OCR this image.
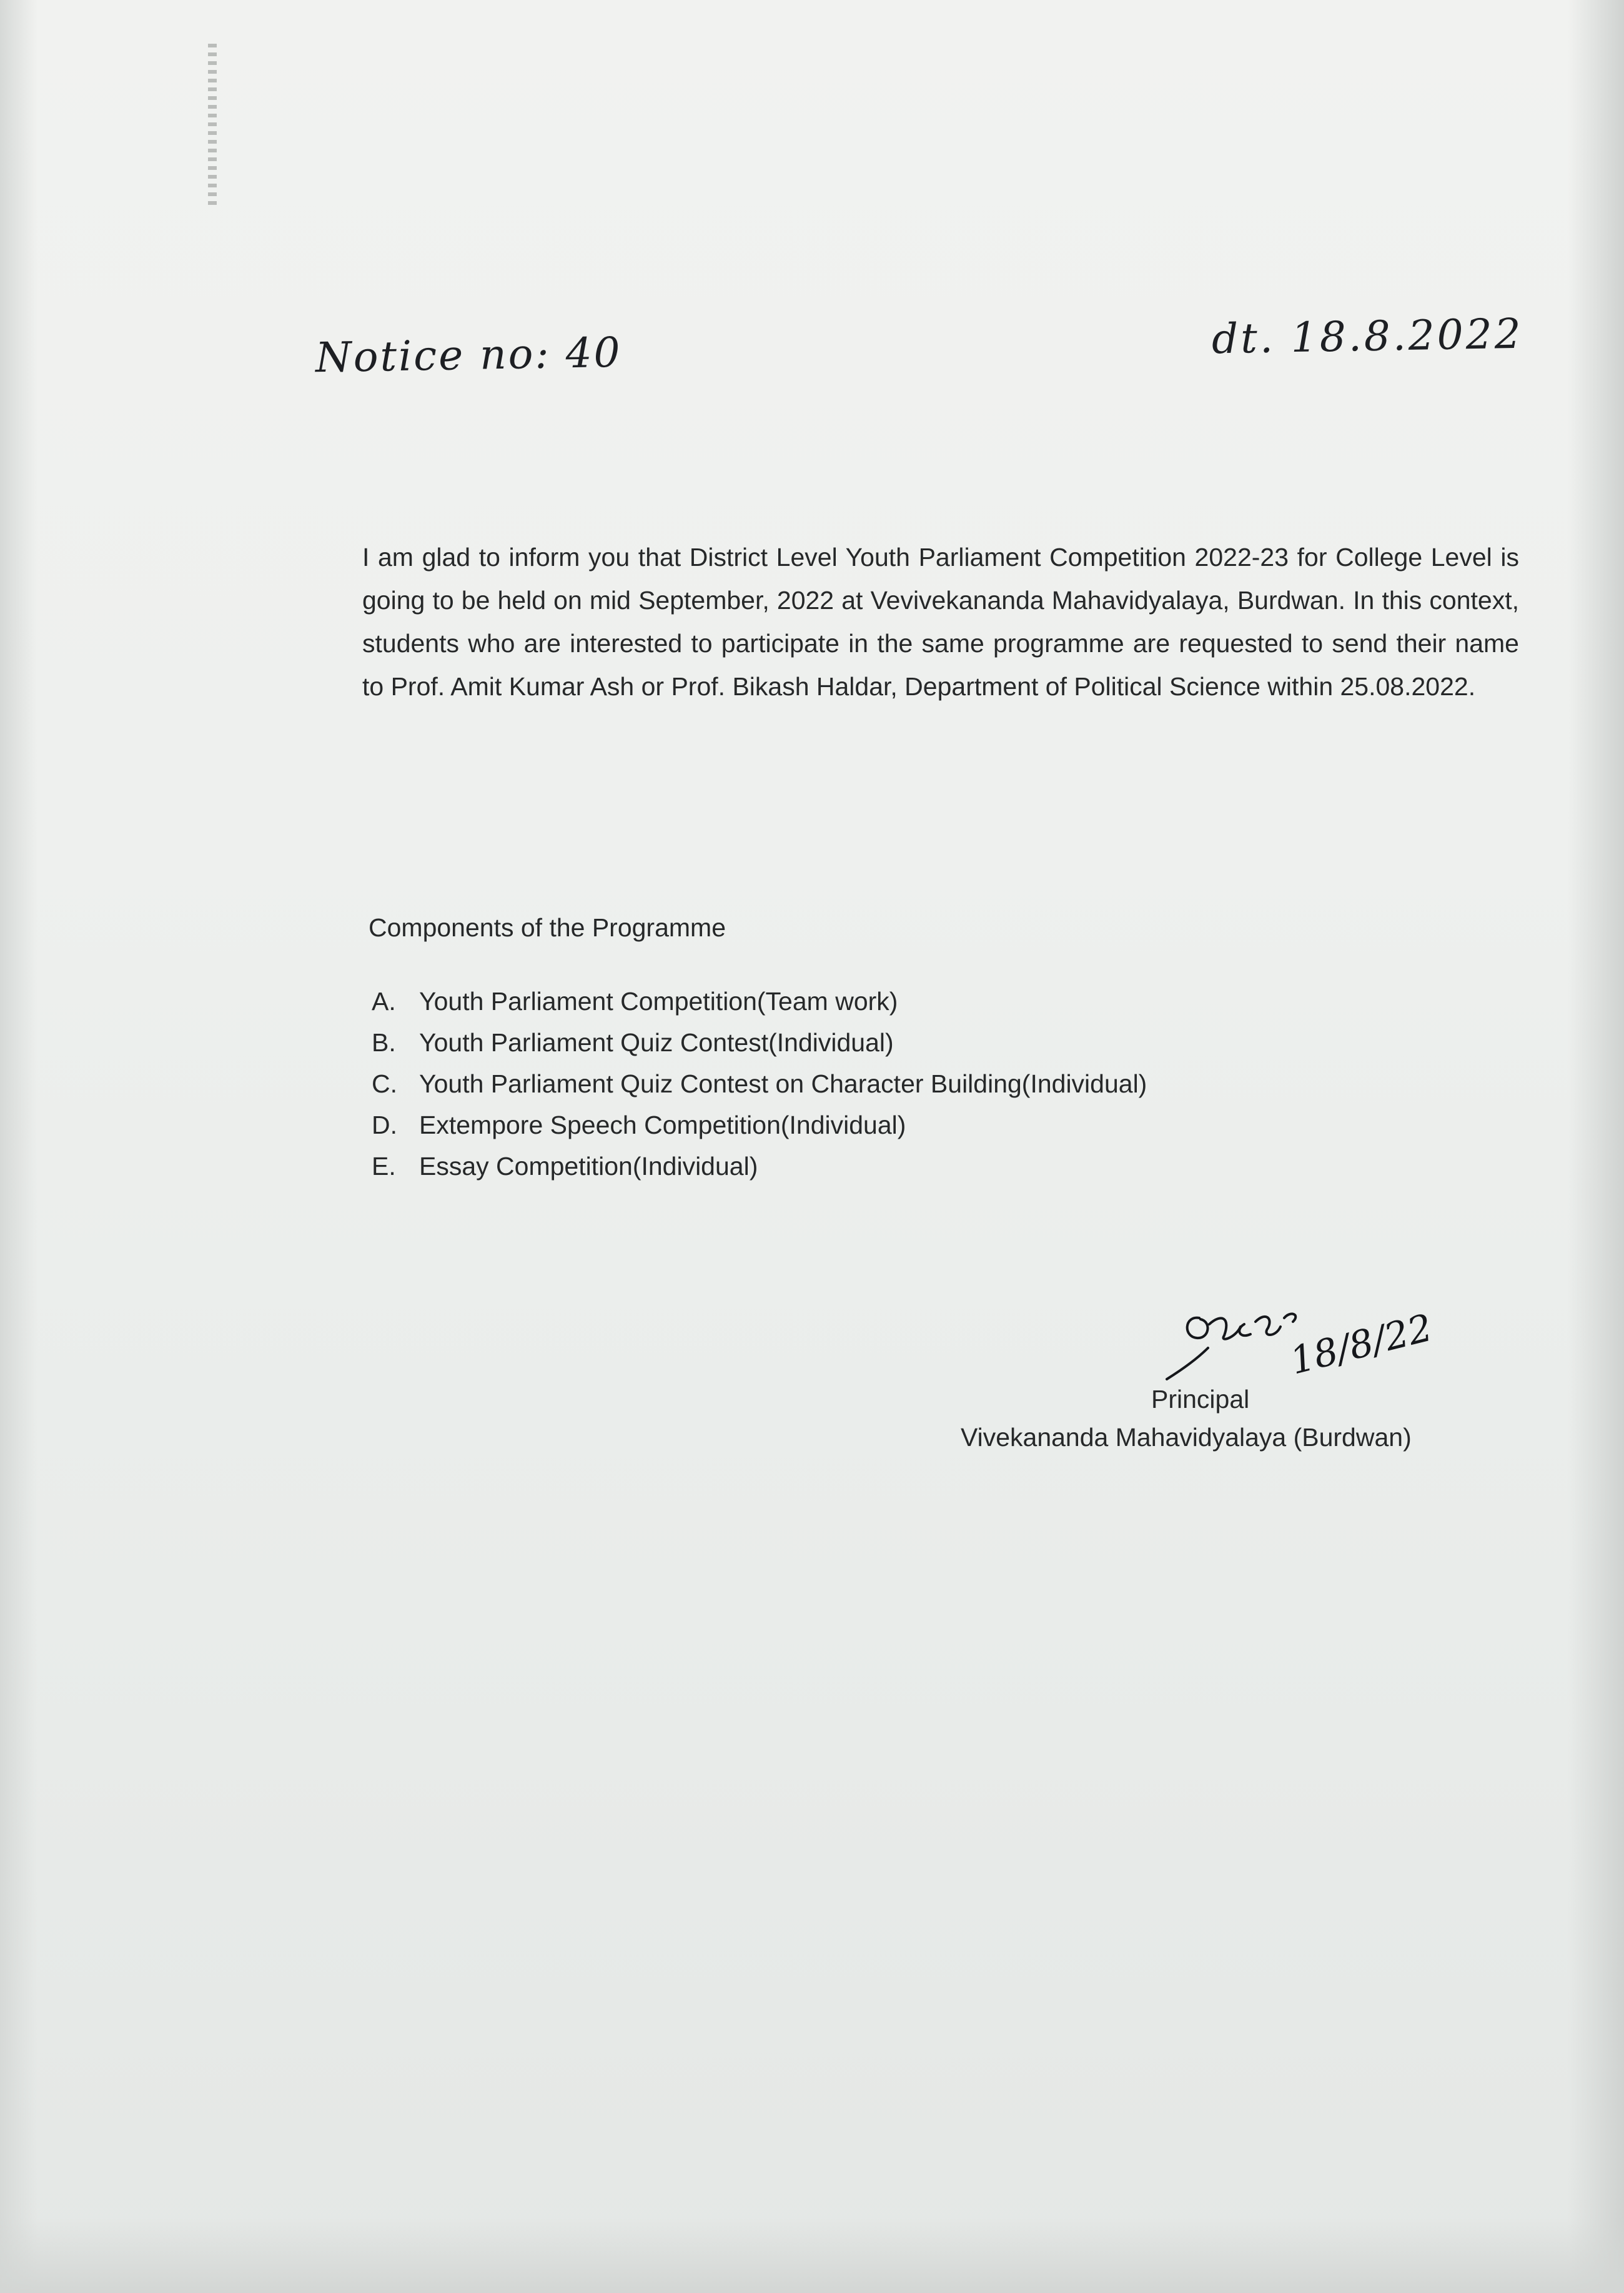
Notice no: 40	dt. 18.8.2022

I am glad to inform you that District Level Youth Parliament Competition 2022-23 for College Level is going to be held on mid September, 2022 at Vevivekananda Mahavidyalaya, Burdwan. In this context, students who are interested to participate in the same programme are requested to send their name to Prof. Amit Kumar Ash or Prof. Bikash Haldar, Department of Political Science within 25.08.2022.

Components of the Programme

A. Youth Parliament Competition(Team work)
B. Youth Parliament Quiz Contest(Individual)
C. Youth Parliament Quiz Contest on Character Building(Individual)
D. Extempore Speech Competition(Individual)
E. Essay Competition(Individual)
18/8/22

Principal

Vivekananda Mahavidyalaya (Burdwan)
